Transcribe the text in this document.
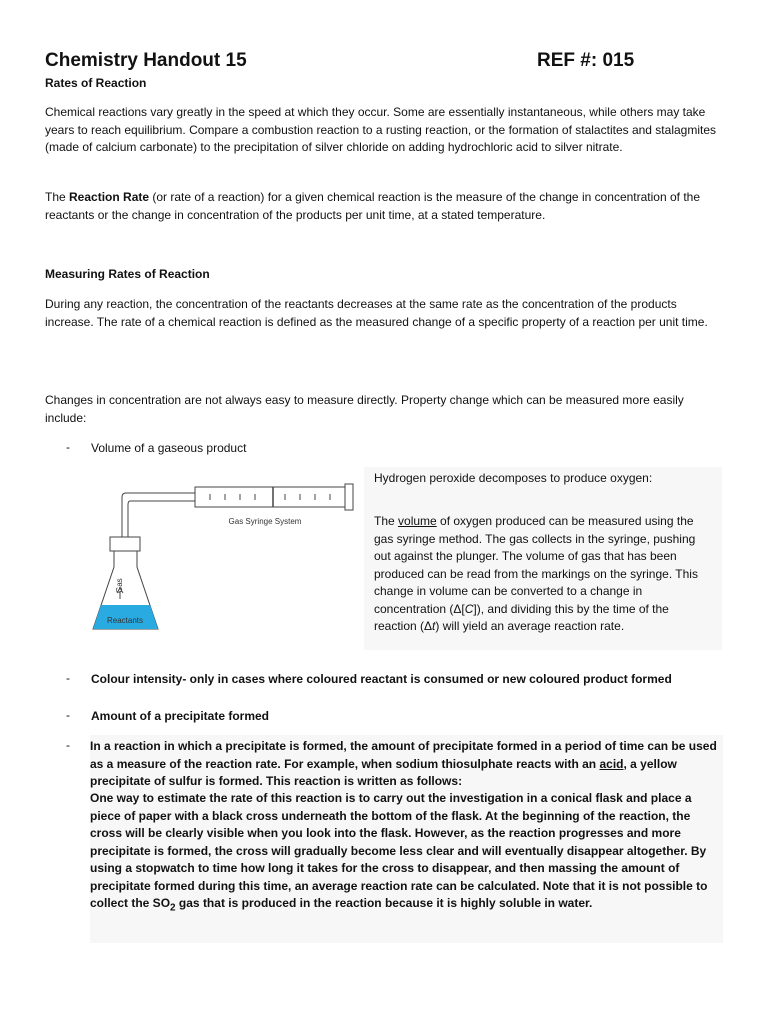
Chemistry Handout 15	REF #: 015
Rates of Reaction

Chemical reactions vary greatly in the speed at which they occur. Some are essentially instantaneous, while others may take years to reach equilibrium. Compare a combustion reaction to a rusting reaction, or the formation of stalactites and stalagmites (made of calcium carbonate) to the precipitation of silver chloride on adding hydrochloric acid to silver nitrate.

The Reaction Rate (or rate of a reaction) for a given chemical reaction is the measure of the change in concentration of the reactants or the change in concentration of the products per unit time, at a stated temperature.

Measuring Rates of Reaction

During any reaction, the concentration of the reactants decreases at the same rate as the concentration of the products increase. The rate of a chemical reaction is defined as the measured change of a specific property of a reaction per unit time.

Changes in concentration are not always easy to measure directly. Property change which can be measured more easily include:

- Volume of a gaseous product
Gas Syringe System
Reactants
Gas

Hydrogen peroxide decomposes to produce oxygen:

The volume of oxygen produced can be measured using the gas syringe method. The gas collects in the syringe, pushing out against the plunger. The volume of gas that has been produced can be read from the markings on the syringe. This change in volume can be converted to a change in concentration (Δ[C]), and dividing this by the time of the reaction (Δt) will yield an average reaction rate.

- Colour intensity- only in cases where coloured reactant is consumed or new coloured product formed
- Amount of a precipitate formed
- In a reaction in which a precipitate is formed, the amount of precipitate formed in a period of time can be used as a measure of the reaction rate. For example, when sodium thiosulphate reacts with an acid, a yellow precipitate of sulfur is formed. This reaction is written as follows:

One way to estimate the rate of this reaction is to carry out the investigation in a conical flask and place a piece of paper with a black cross underneath the bottom of the flask. At the beginning of the reaction, the cross will be clearly visible when you look into the flask. However, as the reaction progresses and more precipitate is formed, the cross will gradually become less clear and will eventually disappear altogether. By using a stopwatch to time how long it takes for the cross to disappear, and then massing the amount of precipitate formed during this time, an average reaction rate can be calculated. Note that it is not possible to collect the $SO_2$ gas that is produced in the reaction because it is highly soluble in water.
